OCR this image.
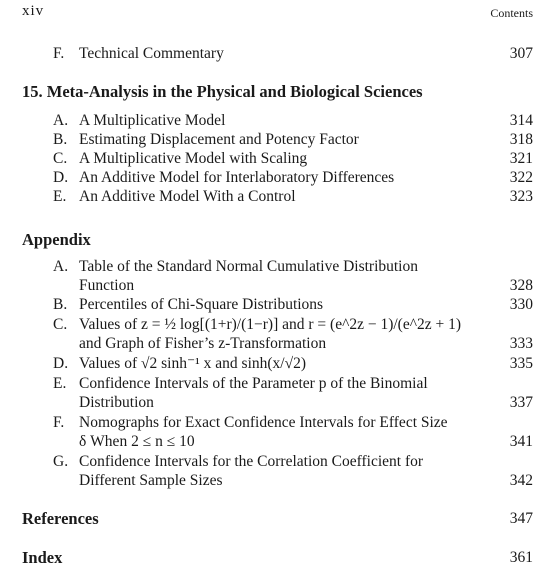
xiv	Contents
F. Technical Commentary	307
15. Meta-Analysis in the Physical and Biological Sciences
A. A Multiplicative Model	314
B. Estimating Displacement and Potency Factor	318
C. A Multiplicative Model with Scaling	321
D. An Additive Model for Interlaboratory Differences	322
E. An Additive Model With a Control	323
Appendix
A. Table of the Standard Normal Cumulative Distribution
Function	328
B. Percentiles of Chi-Square Distributions	330
C. Values of z = ½ log[(1+r)/(1−r)] and r = (e^2z − 1)/(e^2z + 1)
and Graph of Fisher’s z-Transformation	333
D. Values of √2 sinh⁻¹ x and sinh(x/√2)	335
E. Confidence Intervals of the Parameter p of the Binomial
Distribution	337
F. Nomographs for Exact Confidence Intervals for Effect Size
δ When 2 ≤ n ≤ 10	341
G. Confidence Intervals for the Correlation Coefficient for
Different Sample Sizes	342
References	347
Index	361
